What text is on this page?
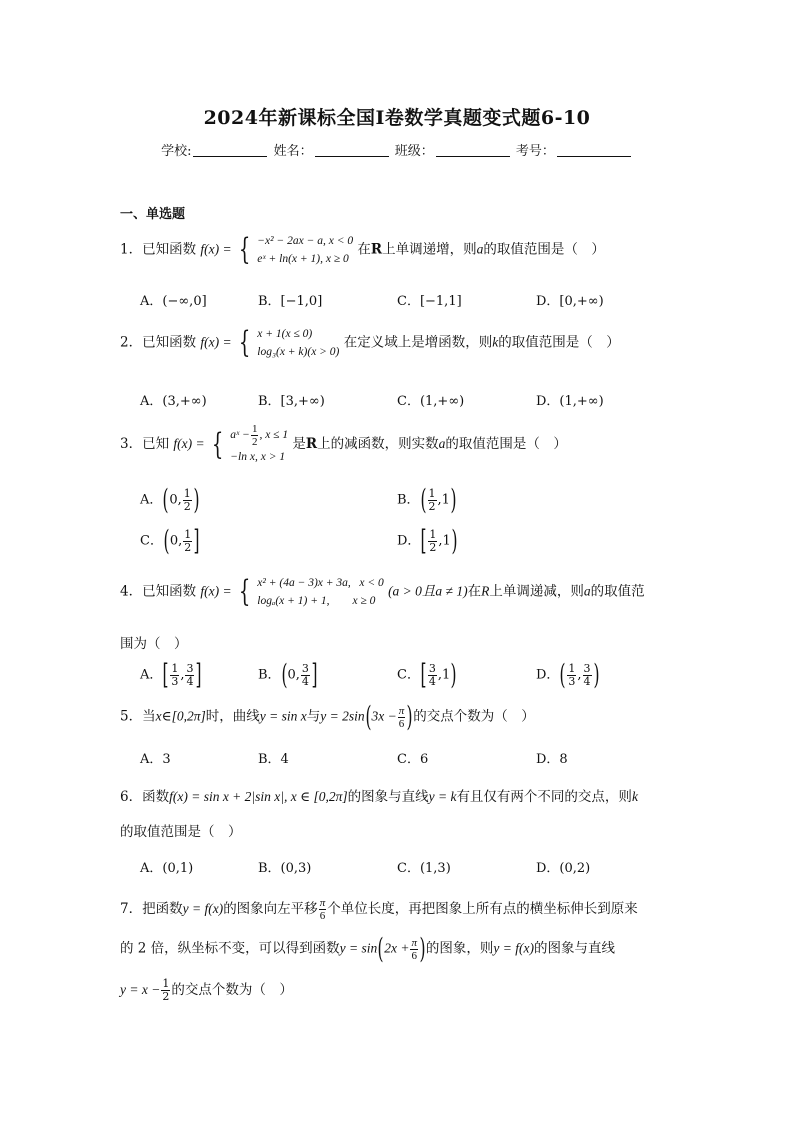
2024年新课标全国Ⅰ卷数学真题变式题6-10
学校:	姓名：	班级：	考号：
一、单选题
1．已知函数 f(x) = { −x² − 2ax − a, x < 0
eˣ + ln(x + 1), x ≥ 0
在R上单调递增，则a的取值范围是（　）
A．(−∞,0]	B．[−1,0]	C．[−1,1]	D．[0,+∞)
2．已知函数 f(x) = { x + 1(x ≤ 0)
log₃(x + k)(x > 0)
在定义域上是增函数，则k的取值范围是（　）
A．(3,+∞)	B．[3,+∞)	C．(1,+∞)	D．(1,+∞)
3．已知 f(x) = { aˣ − $\frac{1}{2}$ , x ≤ 1
−ln x, x > 1
是R上的减函数，则实数a的取值范围是（　）
A．(0, $\frac{1}{2}$ )	B．( $\frac{1}{2} ,1$)
C．(0, $\frac{1}{2}$ ]	D．[ $\frac{1}{2} ,1$)
4．已知函数 f(x) = { x² + (4a − 3)x + 3a,   x < 0
logₐ(x + 1) + 1,        x ≥ 0
(a > 0且a ≠ 1)在R上单调递减，则a的取值范
围为（　）
A．[ $\frac{1}{3}$ , $\frac{3}{4}$ ]	B．(0, $\frac{3}{4}$ ]	C．[ $\frac{3}{4} ,1$)	D．( $\frac{1}{3}$ , $\frac{3}{4}$ )
5．当x∈[0,2π]时，曲线y = sin x与$y = 2\sin(3x - \frac{\pi}{6}$ )的交点个数为（　）
A．3	B．4	C．6	D．8
6．函数f(x) = sin x + 2|sin x|, x ∈ [0,2π]的图象与直线y = k有且仅有两个不同的交点，则k
的取值范围是（　）
A．(0,1)	B．(0,3)	C．(1,3)	D．(0,2)
7．把函数y = f(x)的图象向左平移 $\frac{\pi}{6}$ 个单位长度，再把图象上所有点的横坐标伸长到原来
的 2 倍，纵坐标不变，可以得到函数$y = \sin(2x + \frac{\pi}{6}$ )的图象，则y = f(x)的图象与直线
$y = x - \frac{1}{2}$ 的交点个数为（　）
